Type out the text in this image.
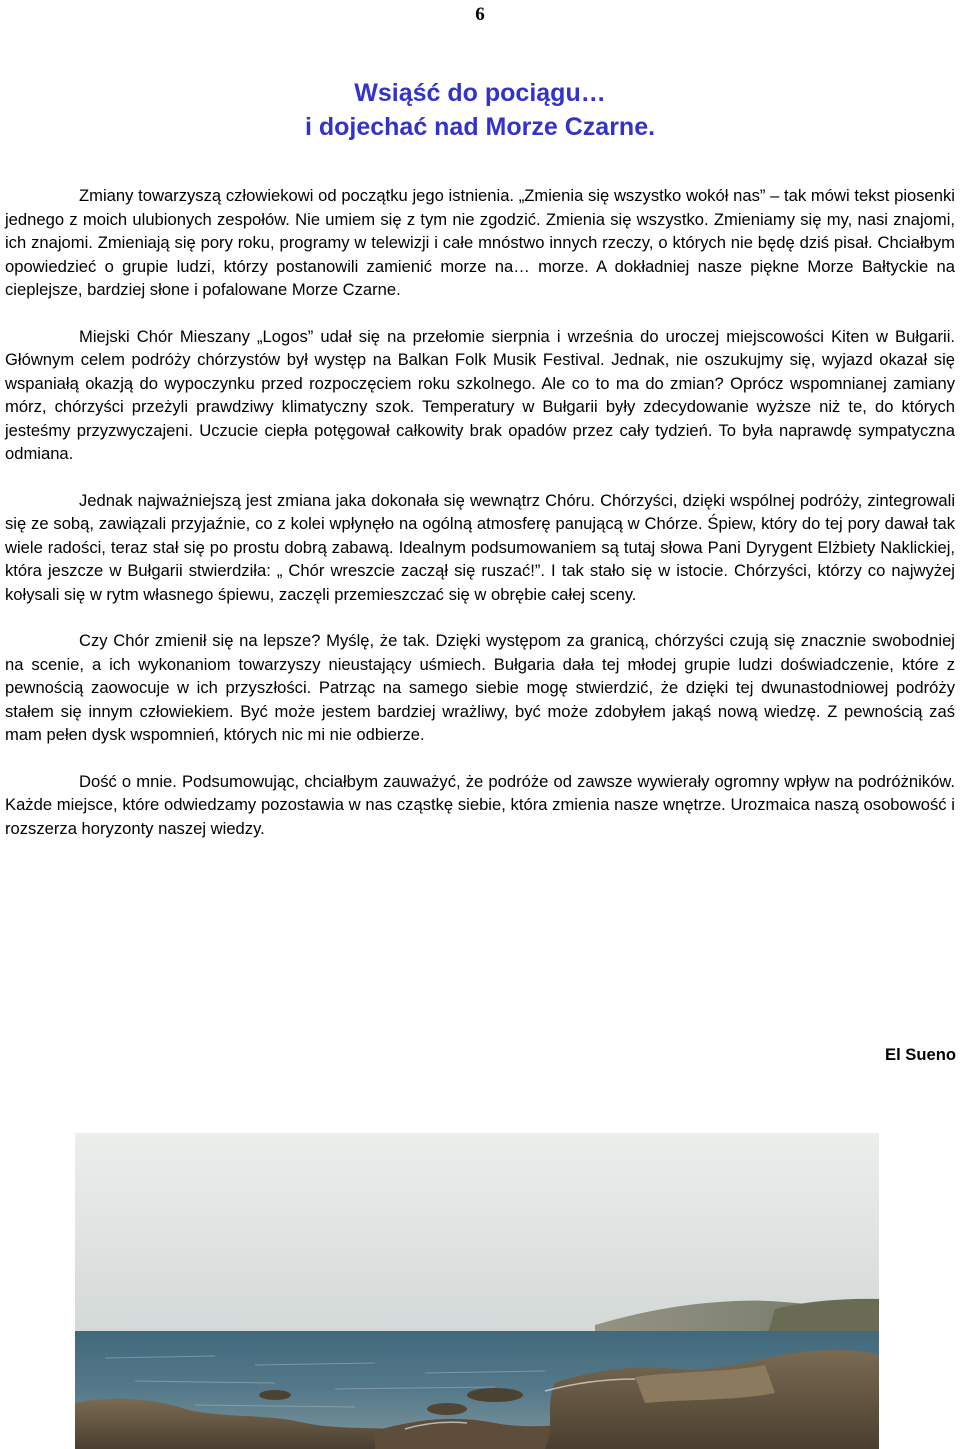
6
Wsiąść do pociągu…
i dojechać nad Morze Czarne.

Zmiany towarzyszą człowiekowi od początku jego istnienia. „Zmienia się wszystko wokół nas” – tak mówi tekst piosenki jednego z moich ulubionych zespołów. Nie umiem się z tym nie zgodzić. Zmienia się wszystko. Zmieniamy się my, nasi znajomi, ich znajomi. Zmieniają się pory roku, programy w telewizji i całe mnóstwo innych rzeczy, o których nie będę dziś pisał. Chciałbym opowiedzieć o grupie ludzi, którzy postanowili zamienić morze na… morze. A dokładniej nasze piękne Morze Bałtyckie na cieplejsze, bardziej słone i pofalowane Morze Czarne.

Miejski Chór Mieszany „Logos” udał się na przełomie sierpnia i września do uroczej miejscowości Kiten w Bułgarii. Głównym celem podróży chórzystów był występ na Balkan Folk Musik Festival. Jednak, nie oszukujmy się, wyjazd okazał się wspaniałą okazją do wypoczynku przed rozpoczęciem roku szkolnego. Ale co to ma do zmian? Oprócz wspomnianej zamiany mórz, chórzyści przeżyli prawdziwy klimatyczny szok. Temperatury w Bułgarii były zdecydowanie wyższe niż te, do których jesteśmy przyzwyczajeni. Uczucie ciepła potęgował całkowity brak opadów przez cały tydzień. To była naprawdę sympatyczna odmiana.

Jednak najważniejszą jest zmiana jaka dokonała się wewnątrz Chóru. Chórzyści, dzięki wspólnej podróży, zintegrowali się ze sobą, zawiązali przyjaźnie, co z kolei wpłynęło na ogólną atmosferę panującą w Chórze. Śpiew, który do tej pory dawał tak wiele radości, teraz stał się po prostu dobrą zabawą. Idealnym podsumowaniem są tutaj słowa Pani Dyrygent Elżbiety Naklickiej, która jeszcze w Bułgarii stwierdziła: „ Chór wreszcie zaczął się ruszać!”. I tak stało się w istocie. Chórzyści, którzy co najwyżej kołysali się w rytm własnego śpiewu, zaczęli przemieszczać się w obrębie całej sceny.

Czy Chór zmienił się na lepsze? Myślę, że tak. Dzięki występom za granicą, chórzyści czują się znacznie swobodniej na scenie, a ich wykonaniom towarzyszy nieustający uśmiech. Bułgaria dała tej młodej grupie ludzi doświadczenie, które z pewnością zaowocuje w ich przyszłości. Patrząc na samego siebie mogę stwierdzić, że dzięki tej dwunastodniowej podróży stałem się innym człowiekiem. Być może jestem bardziej wrażliwy, być może zdobyłem jakąś nową wiedzę. Z pewnością zaś mam pełen dysk wspomnień, których nic mi nie odbierze.

Dość o mnie. Podsumowując, chciałbym zauważyć, że podróże od zawsze wywierały ogromny wpływ na podróżników. Każde miejsce, które odwiedzamy pozostawia w nas cząstkę siebie, która zmienia nasze wnętrze. Urozmaica naszą osobowość i rozszerza horyzonty naszej wiedzy.

El Sueno
